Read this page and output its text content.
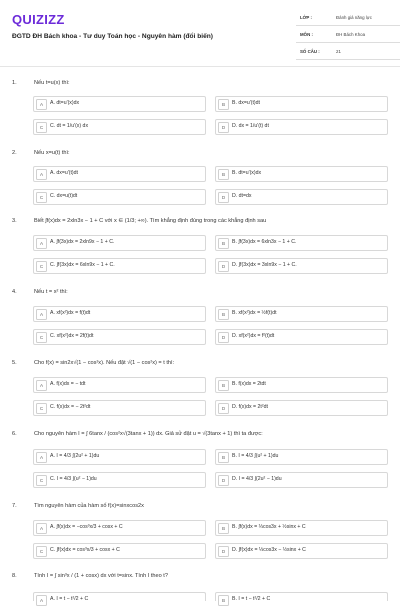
QUIZIZZ
ĐGTD ĐH Bách khoa - Tư duy Toán học - Nguyên hàm (đổi biến)
LỚP :	Đánh giá năng lực
MÔN :	ĐH Bách Khoa
SỐ CÂU :	21
1.	Nếu t=u(x) thì:
A	A. dt=u'(x)dx	B	B. dx=u'(t)dt
C	C. dt = 1/u'(x) dx	D	D. dx = 1/u'(t) dt
2.	Nếu x=u(t) thì:
A	A. dx=u'(t)dt	B	B. dt=u'(x)dx
C	C. dx=u(t)dt	D	D. dt=dx
3.	Biết ∫f(x)dx = 2xln3x − 1 + C với x ∈ (1/3; +∞). Tìm khẳng định đúng trong các khẳng định sau
A	A. ∫f(3x)dx = 2xln9x − 1 + C.	B	B. ∫f(3x)dx = 6xln3x − 1 + C.
C	C. ∫f(3x)dx = 6xln9x − 1 + C.	D	D. ∫f(3x)dx = 3xln9x − 1 + C.
4.	Nếu t = x² thì:
A	A. xf(x²)dx = f(t)dt	B	B. xf(x²)dx = ½f(t)dt
C	C. xf(x²)dx = 2f(t)dt	D	D. xf(x²)dx = f²(t)dt
5.	Cho f(x) = sin2x√(1 − cos²x). Nếu đặt √(1 − cos²x) = t thì:
A	A. f(x)dx = − tdt	B	B. f(x)dx = 2tdt
C	C. f(x)dx = − 2t²dt	D	D. f(x)dx = 2t²dt
6.	Cho nguyên hàm I = ∫ 6tanx / (cos²x√(3tanx + 1)) dx. Giả sử đặt u = √(3tanx + 1) thì ta được:
A	A. I = 4/3 ∫(2u² + 1)du	B	B. I = 4/3 ∫(u² + 1)du
C	C. I = 4/3 ∫(u² − 1)du	D	D. I = 4/3 ∫(2u² − 1)du
7.	Tìm nguyên hàm của hàm số f(x)=sinxcos2x
A	A. ∫f(x)dx = −cos³x/3 + cosx + C	B	B. ∫f(x)dx = ⅓cos3x + ½sinx + C
C	C. ∫f(x)dx = cos³x/3 + cosx + C	D	D. ∫f(x)dx = ⅓cos3x − ½sinx + C
8.	Tính I = ∫ sin³x / (1 + cosx) dx với t=sinx. Tính I theo t?
A	A. I = t − t²/2 + C	B	B. I = t − t²/2 + C
